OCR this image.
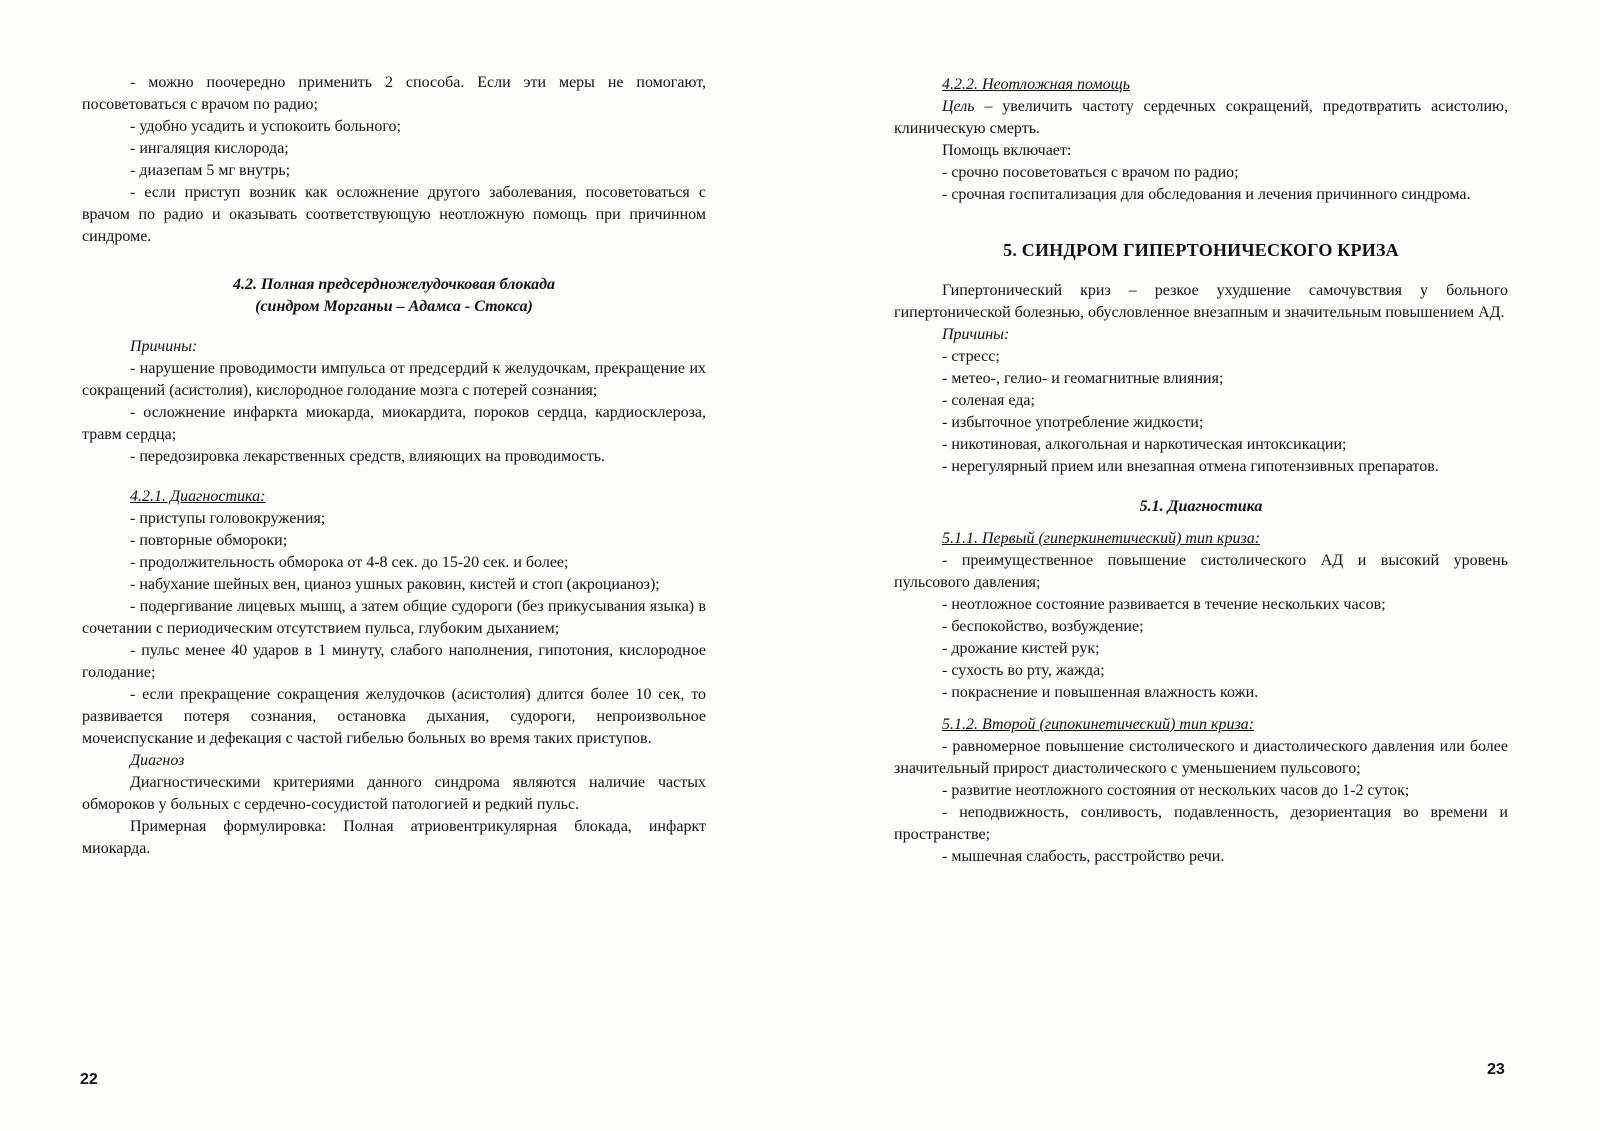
- можно поочередно применить 2 способа. Если эти меры не помогают, посоветоваться с врачом по радио;

- удобно усадить и успокоить больного;

- ингаляция кислорода;

- диазепам 5 мг внутрь;

- если приступ возник как осложнение другого заболевания, посоветоваться с врачом по радио и оказывать соответствующую неотложную помощь при причинном синдроме.

4.2. Полная предсердножелудочковая блокада

(синдром Морганьи – Адамса - Стокса)

Причины:

- нарушение проводимости импульса от предсердий к желудочкам, прекращение их сокращений (асистолия), кислородное голодание мозга с потерей сознания;

- осложнение инфаркта миокарда, миокардита, пороков сердца, кардиосклероза, травм сердца;

- передозировка лекарственных средств, влияющих на проводимость.

4.2.1. Диагностика:

- приступы головокружения;

- повторные обмороки;

- продолжительность обморока от 4-8 сек. до 15-20 сек. и более;

- набухание шейных вен, цианоз ушных раковин, кистей и стоп (акроцианоз);

- подергивание лицевых мышц, а затем общие судороги (без прикусывания языка) в сочетании с периодическим отсутствием пульса, глубоким дыханием;

- пульс менее 40 ударов в 1 минуту, слабого наполнения, гипотония, кислородное голодание;

- если прекращение сокращения желудочков (асистолия) длится более 10 сек, то развивается потеря сознания, остановка дыхания, судороги, непроизвольное мочеиспускание и дефекация с частой гибелью больных во время таких приступов.

Диагноз

Диагностическими критериями данного синдрома являются наличие частых обмороков у больных с сердечно-сосудистой патологией и редкий пульс.

Примерная формулировка: Полная атриовентрикулярная блокада, инфаркт миокарда.

22

4.2.2. Неотложная помощь

Цель – увеличить частоту сердечных сокращений, предотвратить асистолию, клиническую смерть.

Помощь включает:

- срочно посоветоваться с врачом по радио;

- срочная госпитализация для обследования и лечения причинного синдрома.

5. СИНДРОМ ГИПЕРТОНИЧЕСКОГО КРИЗА

Гипертонический криз – резкое ухудшение самочувствия у больного гипертонической болезнью, обусловленное внезапным и значительным повышением АД.

Причины:

- стресс;

- метео-, гелио- и геомагнитные влияния;

- соленая еда;

- избыточное употребление жидкости;

- никотиновая, алкогольная и наркотическая интоксикации;

- нерегулярный прием или внезапная отмена гипотензивных препаратов.

5.1. Диагностика

5.1.1. Первый (гиперкинетический) тип криза:

- преимущественное повышение систолического АД и высокий уровень пульсового давления;

- неотложное состояние развивается в течение нескольких часов;

- беспокойство, возбуждение;

- дрожание кистей рук;

- сухость во рту, жажда;

- покраснение и повышенная влажность кожи.

5.1.2. Второй (гипокинетический) тип криза:

- равномерное повышение систолического и диастолического давления или более значительный прирост диастолического с уменьшением пульсового;

- развитие неотложного состояния от нескольких часов до 1-2 суток;

- неподвижность, сонливость, подавленность, дезориентация во времени и пространстве;

- мышечная слабость, расстройство речи.

23
